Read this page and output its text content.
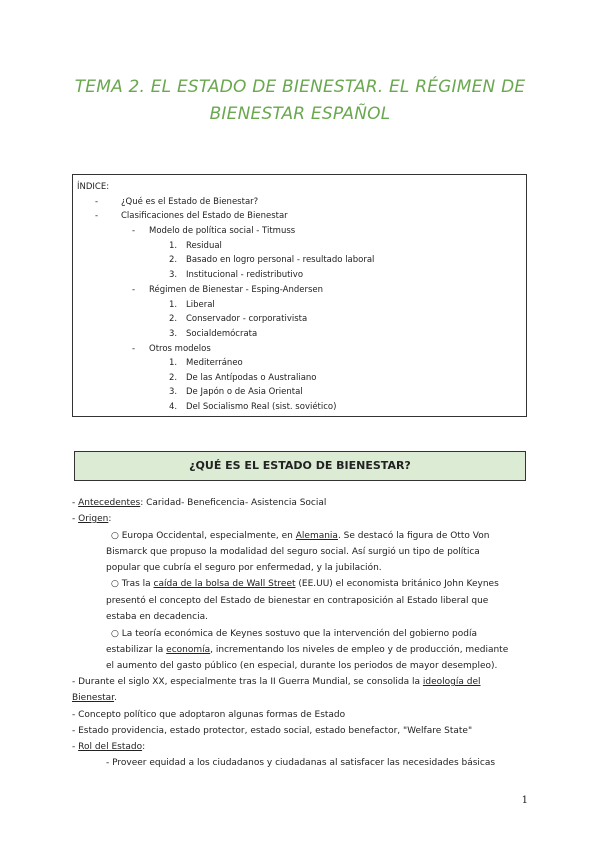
TEMA 2. EL ESTADO DE BIENESTAR. EL RÉGIMEN DE
BIENESTAR ESPAÑOL
ÍNDICE:
-	¿Qué es el Estado de Bienestar?
-	Clasificaciones del Estado de Bienestar
- Modelo de política social - Titmuss
1. Residual
2. Basado en logro personal - resultado laboral
3. Institucional - redistributivo
- Régimen de Bienestar - Esping-Andersen
1. Liberal
2. Conservador - corporativista
3. Socialdemócrata
- Otros modelos
1. Mediterráneo
2. De las Antípodas o Australiano
3. De Japón o de Asia Oriental
4. Del Socialismo Real (sist. soviético)
¿QUÉ ES EL ESTADO DE BIENESTAR?
- Antecedentes: Caridad- Beneficencia- Asistencia Social
- Origen:
○ Europa Occidental, especialmente, en Alemania. Se destacó la figura de Otto Von
Bismarck que propuso la modalidad del seguro social. Así surgió un tipo de política
popular que cubría el seguro por enfermedad, y la jubilación.
○ Tras la caída de la bolsa de Wall Street (EE.UU) el economista británico John Keynes
presentó el concepto del Estado de bienestar en contraposición al Estado liberal que
estaba en decadencia.
○ La teoría económica de Keynes sostuvo que la intervención del gobierno podía
estabilizar la economía, incrementando los niveles de empleo y de producción, mediante
el aumento del gasto público (en especial, durante los periodos de mayor desempleo).
- Durante el siglo XX, especialmente tras la II Guerra Mundial, se consolida la ideología del
Bienestar.
- Concepto político que adoptaron algunas formas de Estado
- Estado providencia, estado protector, estado social, estado benefactor, "Welfare State"
- Rol del Estado:
- Proveer equidad a los ciudadanos y ciudadanas al satisfacer las necesidades básicas
1
